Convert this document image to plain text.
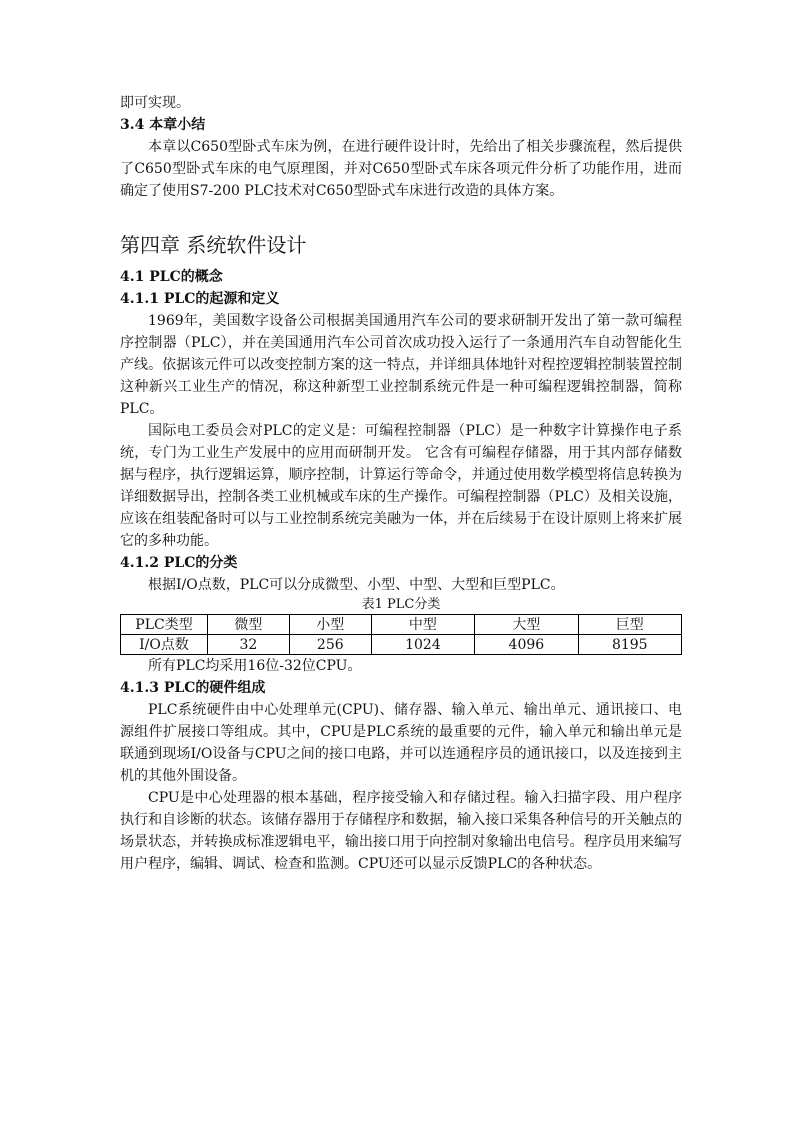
即可实现。

3.4 本章小结

本章以C650型卧式车床为例，在进行硬件设计时，先给出了相关步骤流程，然后提供了C650型卧式车床的电气原理图，并对C650型卧式车床各项元件分析了功能作用，进而确定了使用S7-200 PLC技术对C650型卧式车床进行改造的具体方案。

第四章 系统软件设计
4.1 PLC的概念
4.1.1 PLC的起源和定义

1969年，美国数字设备公司根据美国通用汽车公司的要求研制开发出了第一款可编程序控制器（PLC），并在美国通用汽车公司首次成功投入运行了一条通用汽车自动智能化生产线。依据该元件可以改变控制方案的这一特点，并详细具体地针对程控逻辑控制装置控制这种新兴工业生产的情况，称这种新型工业控制系统元件是一种可编程逻辑控制器，简称PLC。

国际电工委员会对PLC的定义是：可编程控制器（PLC）是一种数字计算操作电子系统，专门为工业生产发展中的应用而研制开发。 它含有可编程存储器，用于其内部存储数据与程序，执行逻辑运算，顺序控制，计算运行等命令，并通过使用数学模型将信息转换为详细数据导出，控制各类工业机械或车床的生产操作。可编程控制器（PLC）及相关设施，应该在组装配备时可以与工业控制系统完美融为一体，并在后续易于在设计原则上将来扩展它的多种功能。

4.1.2 PLC的分类

根据I/O点数，PLC可以分成微型、小型、中型、大型和巨型PLC。

表1 PLC分类
PLC类型	微型	小型	中型	大型	巨型
I/O点数	32	256	1024	4096	8195

所有PLC均采用16位-32位CPU。

4.1.3 PLC的硬件组成

PLC系统硬件由中心处理单元(CPU)、储存器、输入单元、输出单元、通讯接口、电源组件扩展接口等组成。其中，CPU是PLC系统的最重要的元件，输入单元和输出单元是联通到现场I/O设备与CPU之间的接口电路，并可以连通程序员的通讯接口，以及连接到主机的其他外围设备。

CPU是中心处理器的根本基础，程序接受输入和存储过程。输入扫描字段、用户程序执行和自诊断的状态。该储存器用于存储程序和数据，输入接口采集各种信号的开关触点的场景状态，并转换成标准逻辑电平，输出接口用于向控制对象输出电信号。程序员用来编写用户程序，编辑、调试、检查和监测。CPU还可以显示反馈PLC的各种状态。
